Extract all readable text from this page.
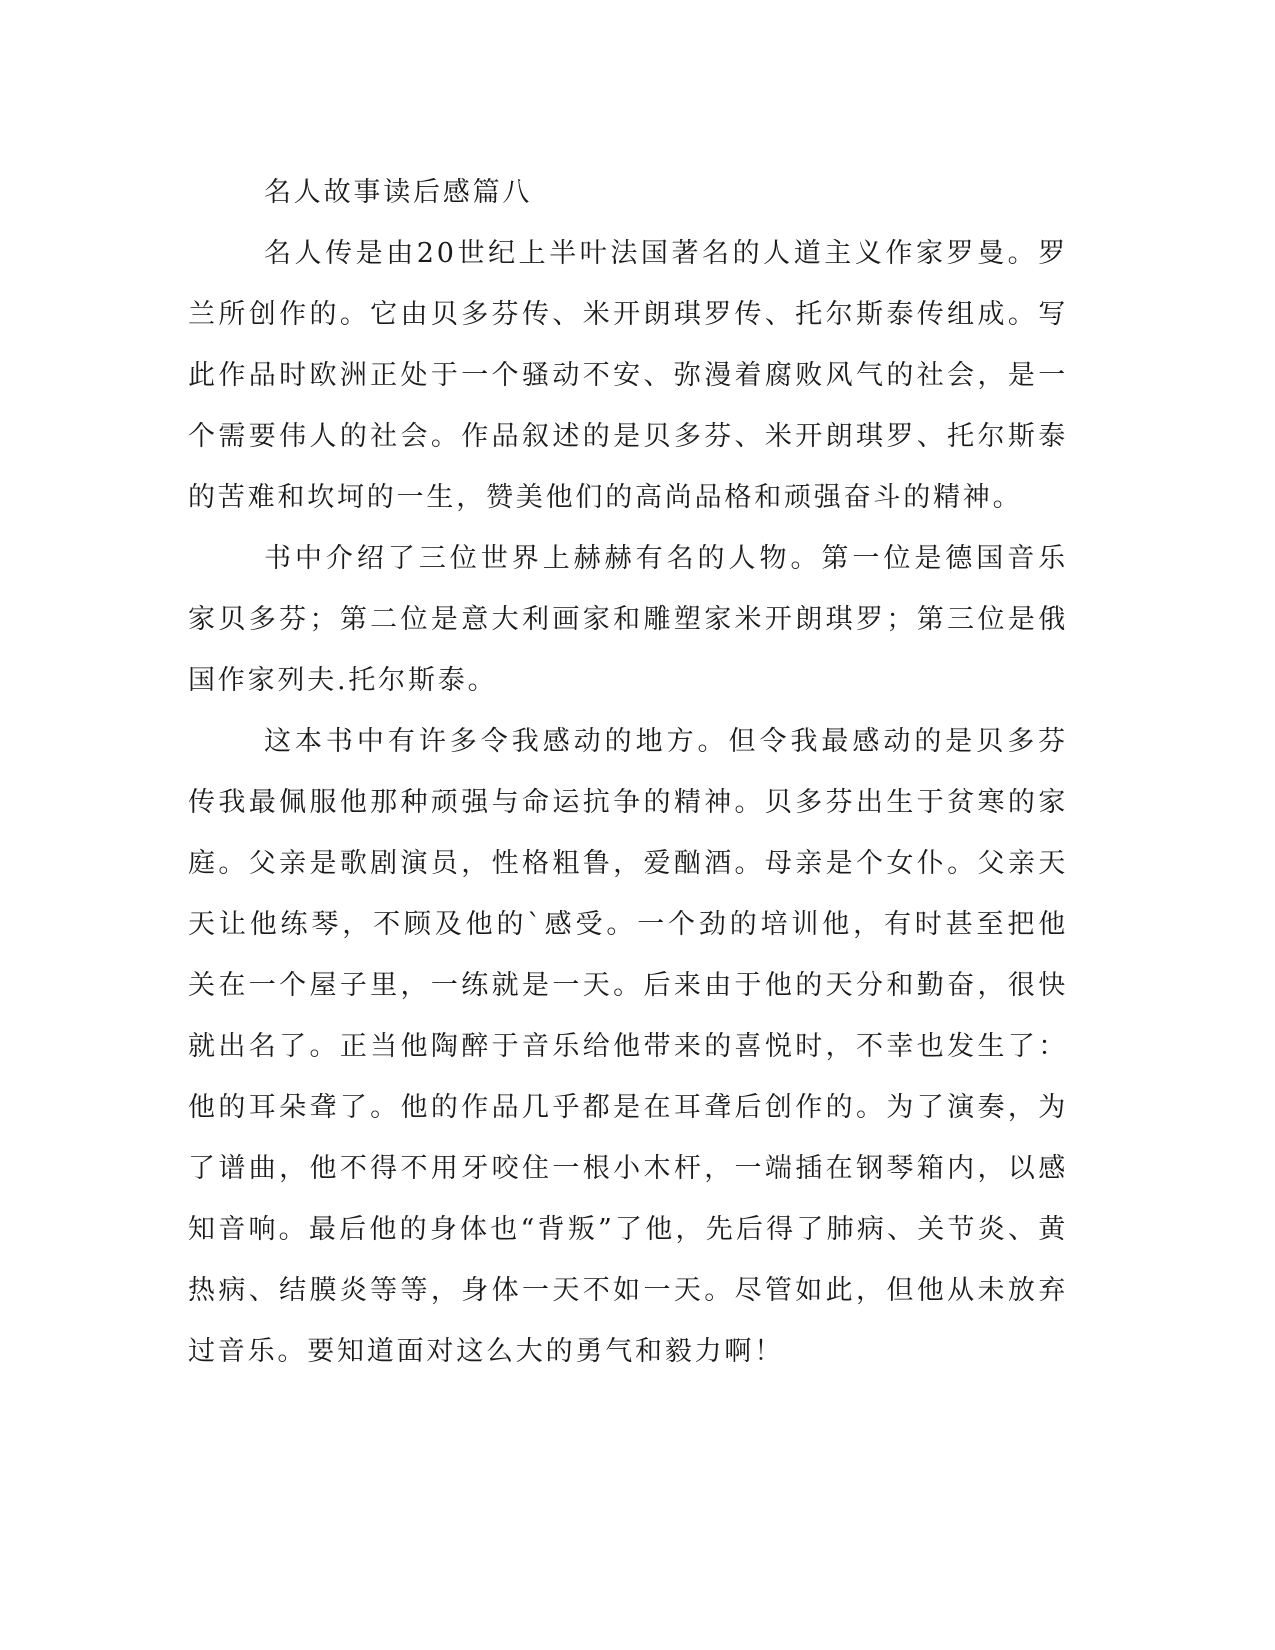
名人故事读后感篇八

名人传是由20世纪上半叶法国著名的人道主义作家罗曼。罗兰所创作的。它由贝多芬传、米开朗琪罗传、托尔斯泰传组成。写此作品时欧洲正处于一个骚动不安、弥漫着腐败风气的社会，是一个需要伟人的社会。作品叙述的是贝多芬、米开朗琪罗、托尔斯泰的苦难和坎坷的一生，赞美他们的高尚品格和顽强奋斗的精神。

书中介绍了三位世界上赫赫有名的人物。第一位是德国音乐家贝多芬；第二位是意大利画家和雕塑家米开朗琪罗；第三位是俄国作家列夫.托尔斯泰。

这本书中有许多令我感动的地方。但令我最感动的是贝多芬传我最佩服他那种顽强与命运抗争的精神。贝多芬出生于贫寒的家庭。父亲是歌剧演员，性格粗鲁，爱酗酒。母亲是个女仆。父亲天天让他练琴，不顾及他的`感受。一个劲的培训他，有时甚至把他关在一个屋子里，一练就是一天。后来由于他的天分和勤奋，很快就出名了。正当他陶醉于音乐给他带来的喜悦时，不幸也发生了：他的耳朵聋了。他的作品几乎都是在耳聋后创作的。为了演奏，为了谱曲，他不得不用牙咬住一根小木杆，一端插在钢琴箱内，以感知音响。最后他的身体也“背叛”了他，先后得了肺病、关节炎、黄热病、结膜炎等等，身体一天不如一天。尽管如此，但他从未放弃过音乐。要知道面对这么大的勇气和毅力啊！
